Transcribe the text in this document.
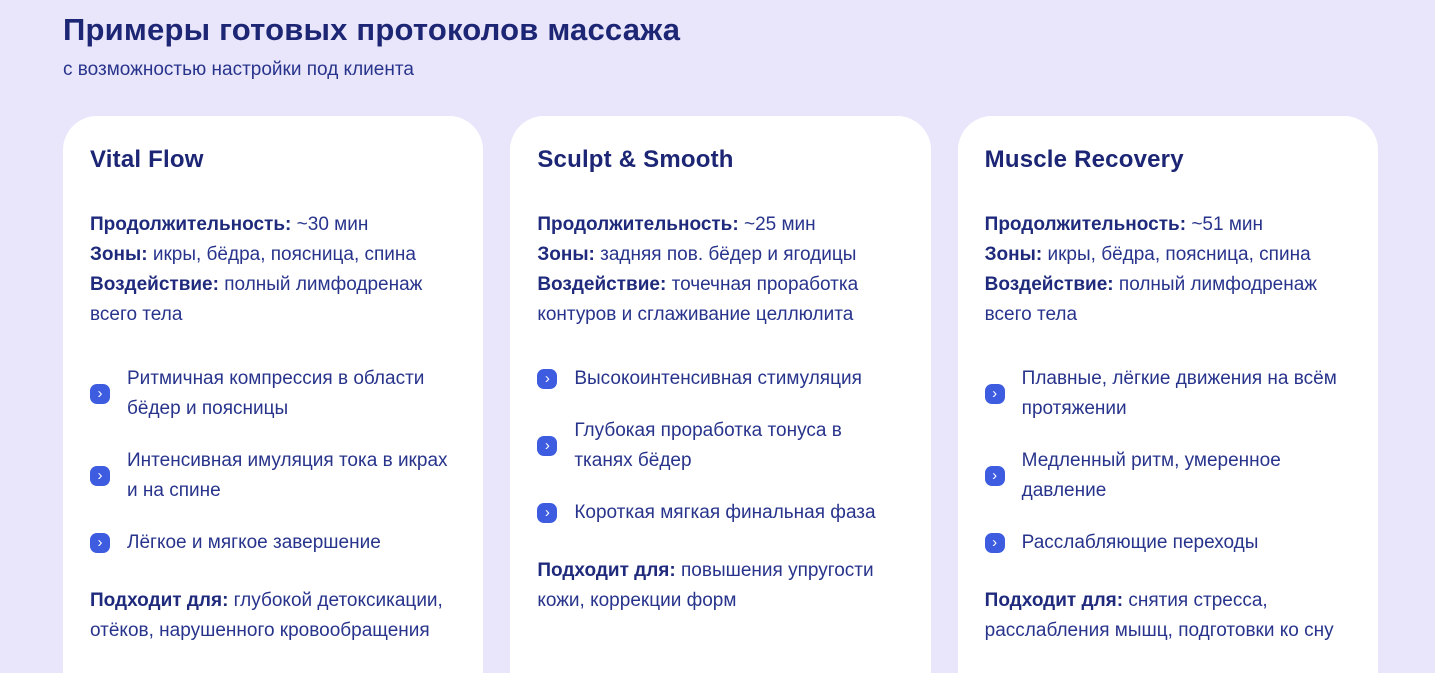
Примеры готовых протоколов массажа

с возможностью настройки под клиента

Vital Flow
Продолжительность: ~30 мин
Зоны: икры, бёдра, поясница, спина
Воздействие: полный лимфодренаж всего тела
›
Ритмичная компрессия в области бёдер и поясницы
›
Интенсивная имуляция тока в икрах и на спине
›	Лёгкое и мягкое завершение

Подходит для: глубокой детоксикации, отёков, нарушенного кровообращения

Sculpt & Smooth
Продолжительность: ~25 мин
Зоны: задняя пов. бёдер и ягодицы
Воздействие: точечная проработка контуров и сглаживание целлюлита
›	Высокоинтенсивная стимуляция
›
Глубокая проработка тонуса в тканях бёдер
›	Короткая мягкая финальная фаза

Подходит для: повышения упругости кожи, коррекции форм

Muscle Recovery
Продолжительность: ~51 мин
Зоны: икры, бёдра, поясница, спина
Воздействие: полный лимфодренаж всего тела
›
Плавные, лёгкие движения на всём протяжении
›
Медленный ритм, умеренное давление
›	Расслабляющие переходы

Подходит для: снятия стресса, расслабления мышц, подготовки ко сну
